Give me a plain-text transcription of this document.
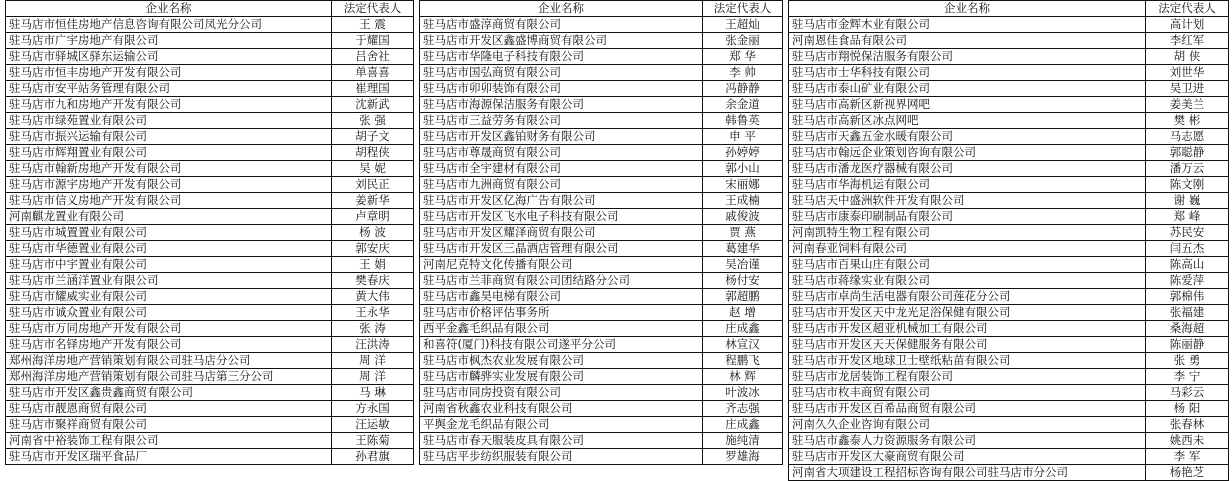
企业名称	法定代表人
驻马店市恒佳房地产信息咨询有限公司凤光分公司	王 震
驻马店市广宇房地产有限公司	于耀国
驻马店市驿城区驿东运输公司	吕舍社
驻马店市恒丰房地产开发有限公司	单喜喜
驻马店市安平站务管理有限公司	崔理国
驻马店市九和房地产开发有限公司	沈新武
驻马店市绿苑置业有限公司	张 强
驻马店市振兴运输有限公司	胡子文
驻马店市辉翔置业有限公司	胡程侠
驻马店市翰新房地产开发有限公司	吴 妮
驻马店市源宇房地产开发有限公司	刘民正
驻马店市信义房地产开发有限公司	姜新华
河南麒龙置业有限公司	卢章明
驻马店市城置置业有限公司	杨 波
驻马店市华德置业有限公司	郭安庆
驻马店市中宇置业有限公司	王 娟
驻马店市兰涵洋置业有限公司	樊春庆
驻马店市耀威实业有限公司	黄大伟
驻马店市诚众置业有限公司	王永华
驻马店市万同房地产开发有限公司	张 涛
驻马店市名铎房地产开发有限公司	汪洪涛
郑州海洋房地产营销策划有限公司驻马店分公司	周 洋
郑州海洋房地产营销策划有限公司驻马店第三分公司	周 洋
驻马店市开发区鑫贵鑫商贸有限公司	马 琳
驻马店市靓恩商贸有限公司	方永国
驻马店市聚祥商贸有限公司	汪运敏
河南省中裕装饰工程有限公司	王陈菊
驻马店市开发区瑞平食品厂	孙君旗
企业名称	法定代表人
驻马店市盛淳商贸有限公司	王超灿
驻马店市开发区鑫盛博商贸有限公司	张金丽
驻马店市华隆电子科技有限公司	郑 华
驻马店市国弘商贸有限公司	李 帅
驻马店市卯卯装饰有限公司	冯静静
驻马店市海源保洁服务有限公司	余金道
驻马店市三益劳务有限公司	韩鲁英
驻马店市开发区鑫铂财务有限公司	申 平
驻马店市尊晟商贸有限公司	孙婷婷
驻马店市全宇建材有限公司	郭小山
驻马店市九洲商贸有限公司	宋丽娜
驻马店市开发区亿海广告有限公司	王成楠
驻马店市开发区飞水电子科技有限公司	戚俊波
驻马店市开发区耀泽商贸有限公司	贾 燕
驻马店市开发区三晶酒店管理有限公司	葛建华
河南尼克特文化传播有限公司	吴冶谨
驻马店市兰菲商贸有限公司团结路分公司	杨付安
驻马店市鑫昊电梯有限公司	郭超鹏
驻马店市价格评估事务所	赵 增
西平金鑫毛织品有限公司	庄成鑫
和喜符(厦门)科技有限公司遂平分公司	林宣汉
驻马店市枫杰农业发展有限公司	程鹏飞
驻马店市麟骅实业发展有限公司	林 辉
驻马店市同房投资有限公司	叶波冰
河南省秋鑫农业科技有限公司	齐志强
平舆金龙毛织品有限公司	庄成鑫
驻马店市春天服装皮具有限公司	施纯清
驻马店平步纺织服装有限公司	罗雄海
企业名称	法定代表人
驻马店市金辉木业有限公司	高计划
河南恩佳食品有限公司	李红军
驻马店市翔悦保洁服务有限公司	胡 侠
驻马店市士华科技有限公司	刘世华
驻马店市泰山矿业有限公司	吴卫进
驻马店市高新区新视界网吧	姜美兰
驻马店市高新区冰点网吧	樊 彬
驻马店市天鑫五金水暖有限公司	马志愿
驻马店市翰远企业策划咨询有限公司	郭聪静
驻马店市潘龙医疗器械有限公司	潘万云
驻马店市华海机运有限公司	陈文刚
驻马店天中盛洲软件开发有限公司	谢 巍
驻马店市康泰印刷制品有限公司	郑 峰
河南凯特生物工程有限公司	苏民安
河南春亚饲料有限公司	闫五杰
驻马店市百果山庄有限公司	陈高山
驻马店市蒋缘实业有限公司	陈爱萍
驻马店市卓尚生活电器有限公司莲花分公司	郭棉伟
驻马店市开发区天中龙光足浴保健有限公司	张福建
驻马店市开发区超亚机械加工有限公司	桑海超
驻马店市开发区天天保健服务有限公司	陈丽静
驻马店市开发区地球卫士壁纸粘苗有限公司	张 勇
驻马店市龙居装饰工程有限公司	李 宁
驻马店市枚丰商贸有限公司	马彩云
驻马店市开发区百希品商贸有限公司	杨 阳
河南久久企业咨询有限公司	张春林
驻马店市鑫泰人力资源服务有限公司	姚西未
驻马店市开发区大豪商贸有限公司	李 军
河南省大项建设工程招标咨询有限公司驻马店市分公司	杨艳芝
